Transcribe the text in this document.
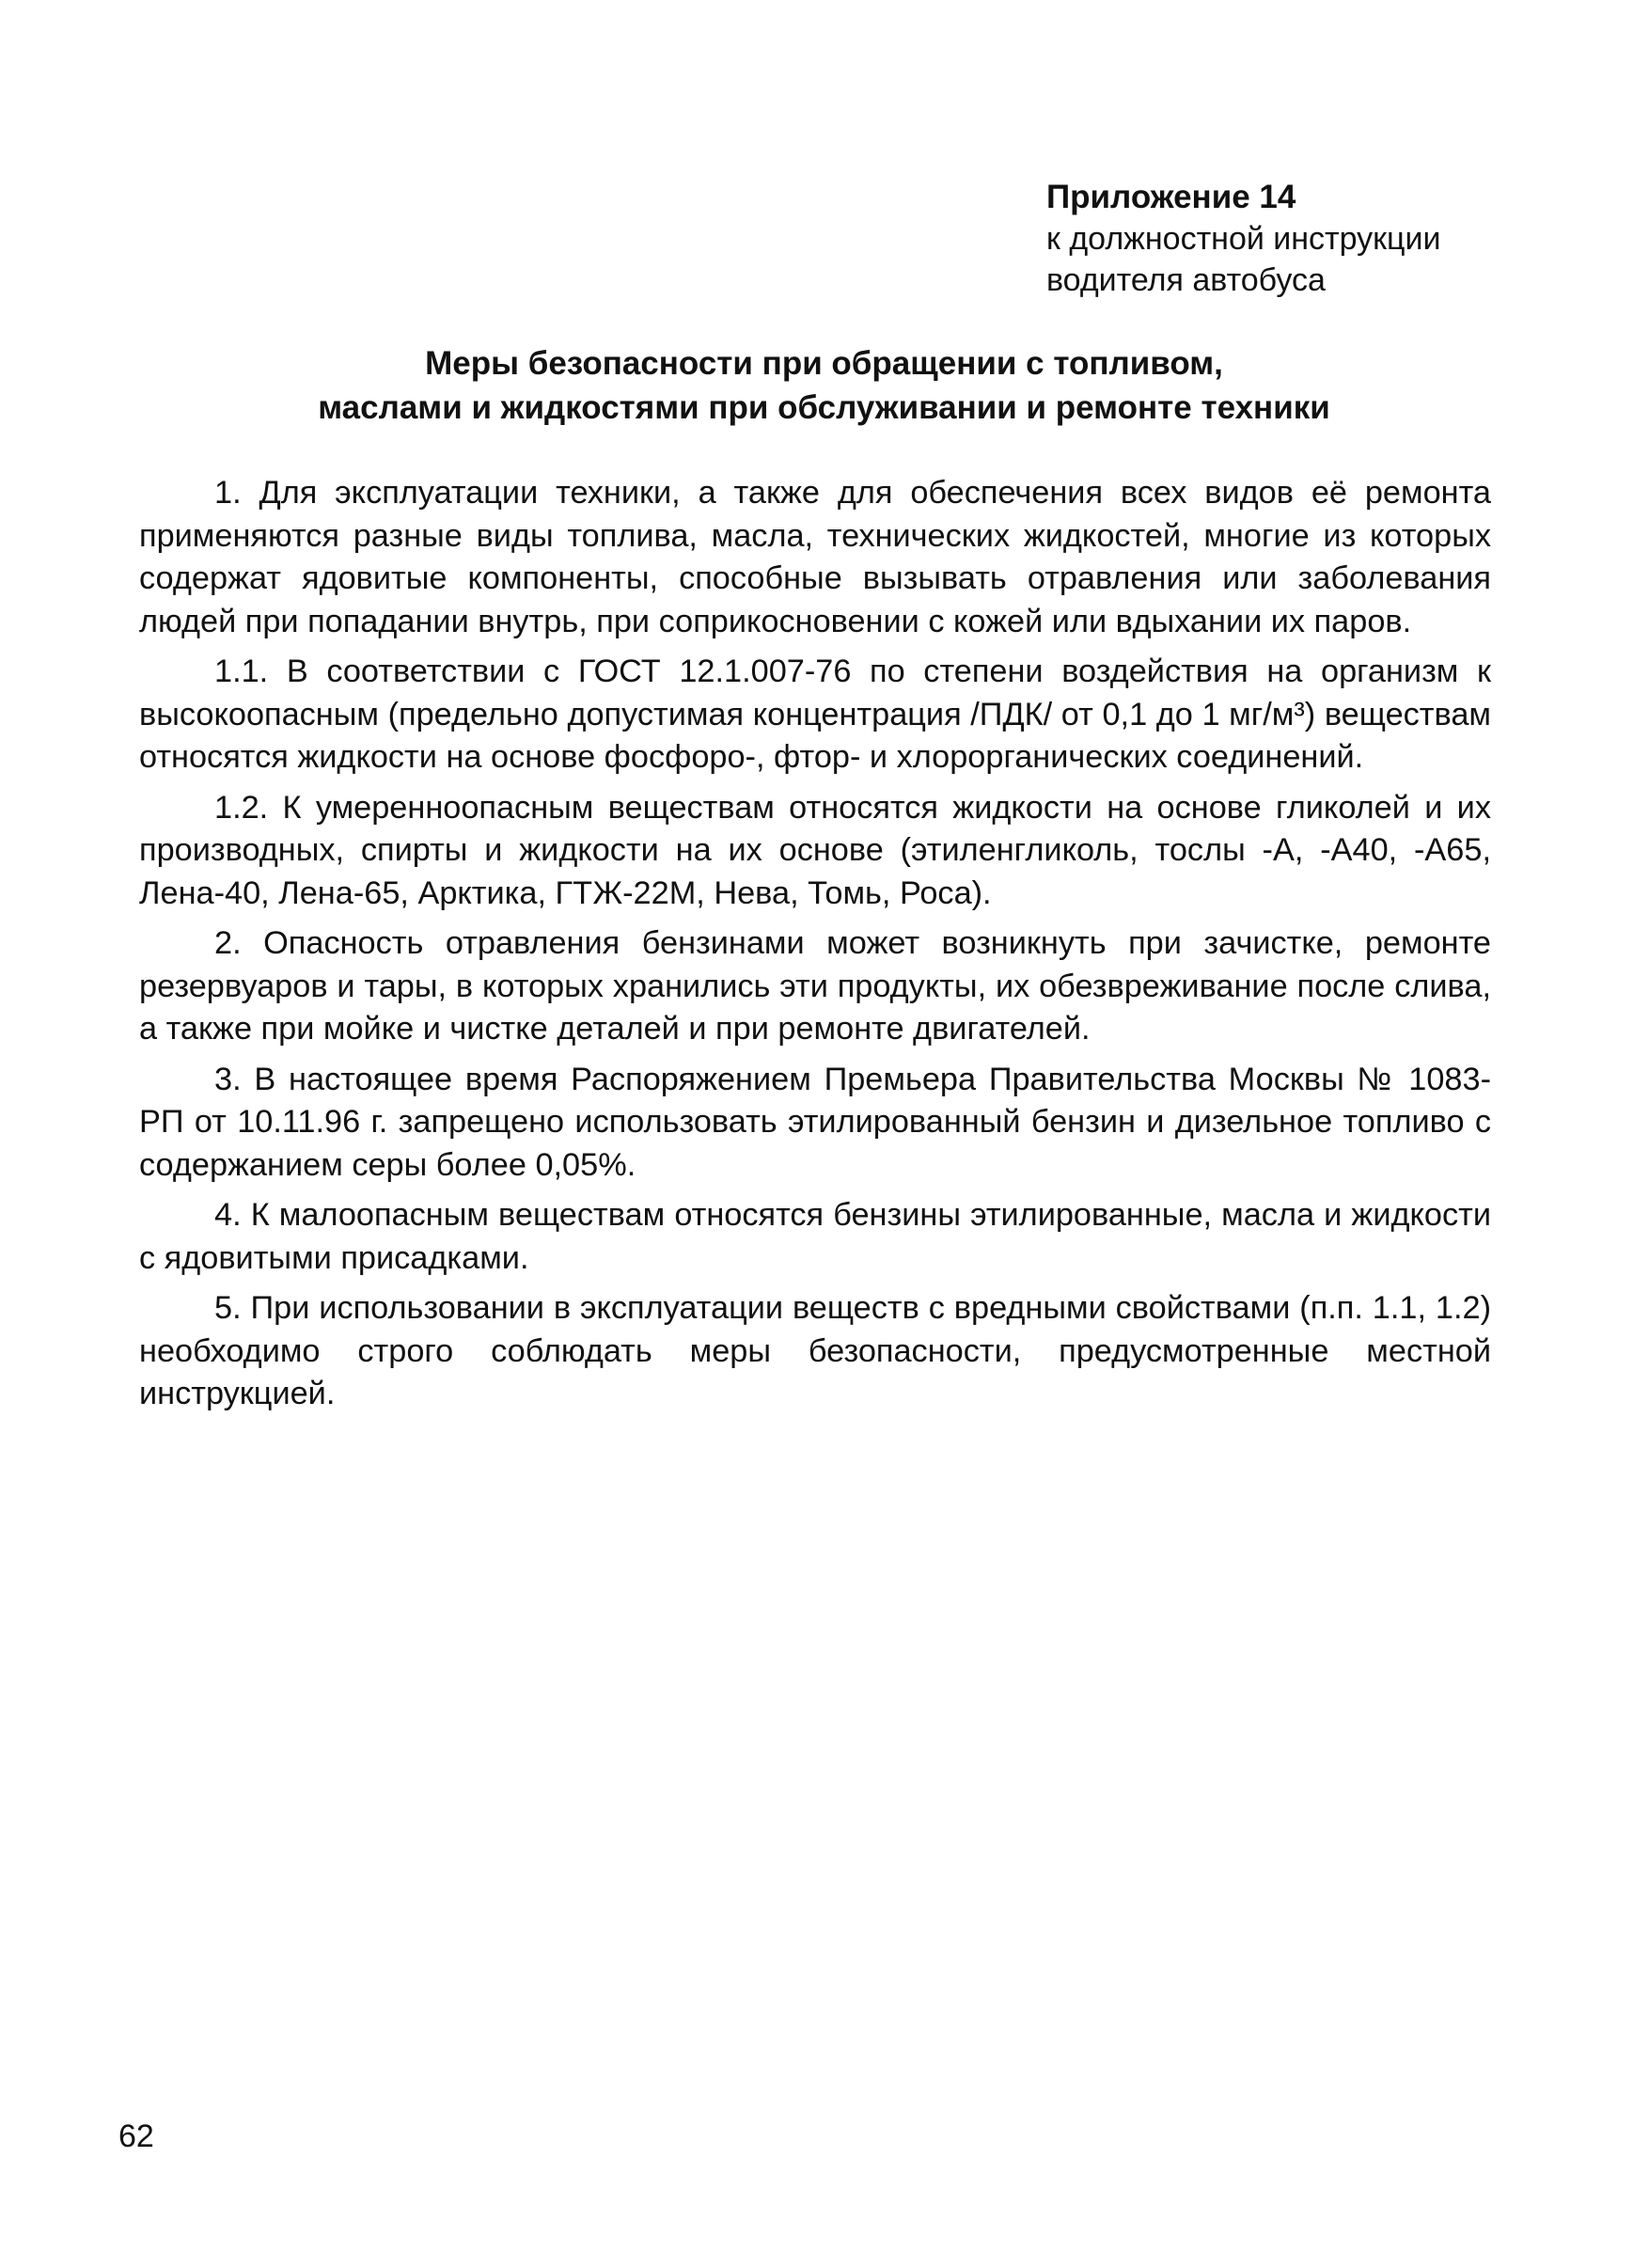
Приложение 14
к должностной инструкции
водителя автобуса
Меры безопасности при обращении с топливом,
маслами и жидкостями при обслуживании и ремонте техники

1. Для эксплуатации техники, а также для обеспечения всех видов её ремонта применяются разные виды топлива, масла, технических жидкостей, многие из которых содержат ядовитые компоненты, способные вызывать отравления или заболевания людей при попадании внутрь, при соприкосновении с кожей или вдыхании их паров.

1.1. В соответствии с ГОСТ 12.1.007-76 по степени воздействия на организм к высокоопасным (предельно допустимая концентрация /ПДК/ от 0,1 до 1 мг/м³) веществам относятся жидкости на основе фосфоро-, фтор- и хлорорганических соединений.

1.2. К умеренноопасным веществам относятся жидкости на основе гликолей и их производных, спирты и жидкости на их основе (этиленгликоль, тослы -А, -А40, -А65, Лена-40, Лена-65, Арктика, ГТЖ-22М, Нева, Томь, Роса).

2. Опасность отравления бензинами может возникнуть при зачистке, ремонте резервуаров и тары, в которых хранились эти продукты, их обезвреживание после слива, а также при мойке и чистке деталей и при ремонте двигателей.

3. В настоящее время Распоряжением Премьера Правительства Москвы № 1083-РП от 10.11.96 г. запрещено использовать этилированный бензин и дизельное топливо с содержанием серы более 0,05%.

4. К малоопасным веществам относятся бензины этилированные, масла и жидкости с ядовитыми присадками.

5. При использовании в эксплуатации веществ с вредными свойствами (п.п. 1.1, 1.2) необходимо строго соблюдать меры безопасности, предусмотренные местной инструкцией.

62
